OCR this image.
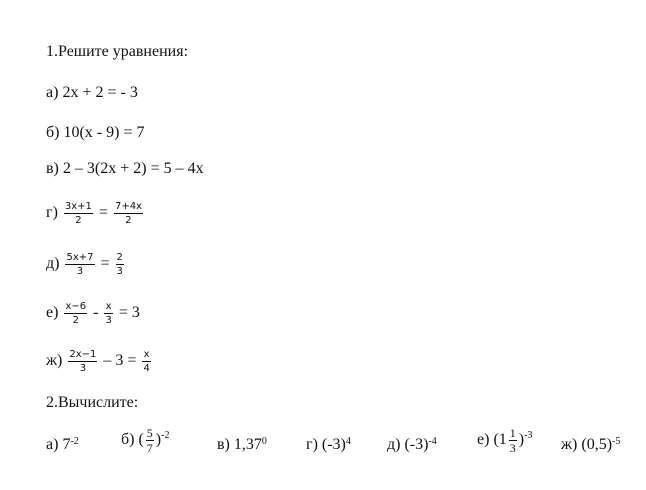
1.Решите уравнения:
а) 2x + 2 = - 3
б) 10(x - 9) = 7
в) 2 – 3(2x + 2) = 5 – 4x
$г) \frac{3x+1}{2} = \frac{7+4x}{2}$
$д) \frac{5x+7}{3} = \frac{2}{3}$
$е) \frac{x-6}{2} - \frac{x}{3} = 3$
$ж) \frac{2x-1}{3} - 3 = \frac{x}{4}$
2.Вычислите:
а) $7^{-2}$	б) ( $\frac{5}{7} )^{-2}$
в) 1,37$^0$ г) $(-3)^4$ д) $(-3)^{-4}$	е) $(1 \frac{1}{3} )^{-3}$
ж) $(0,5)^{-5}$
